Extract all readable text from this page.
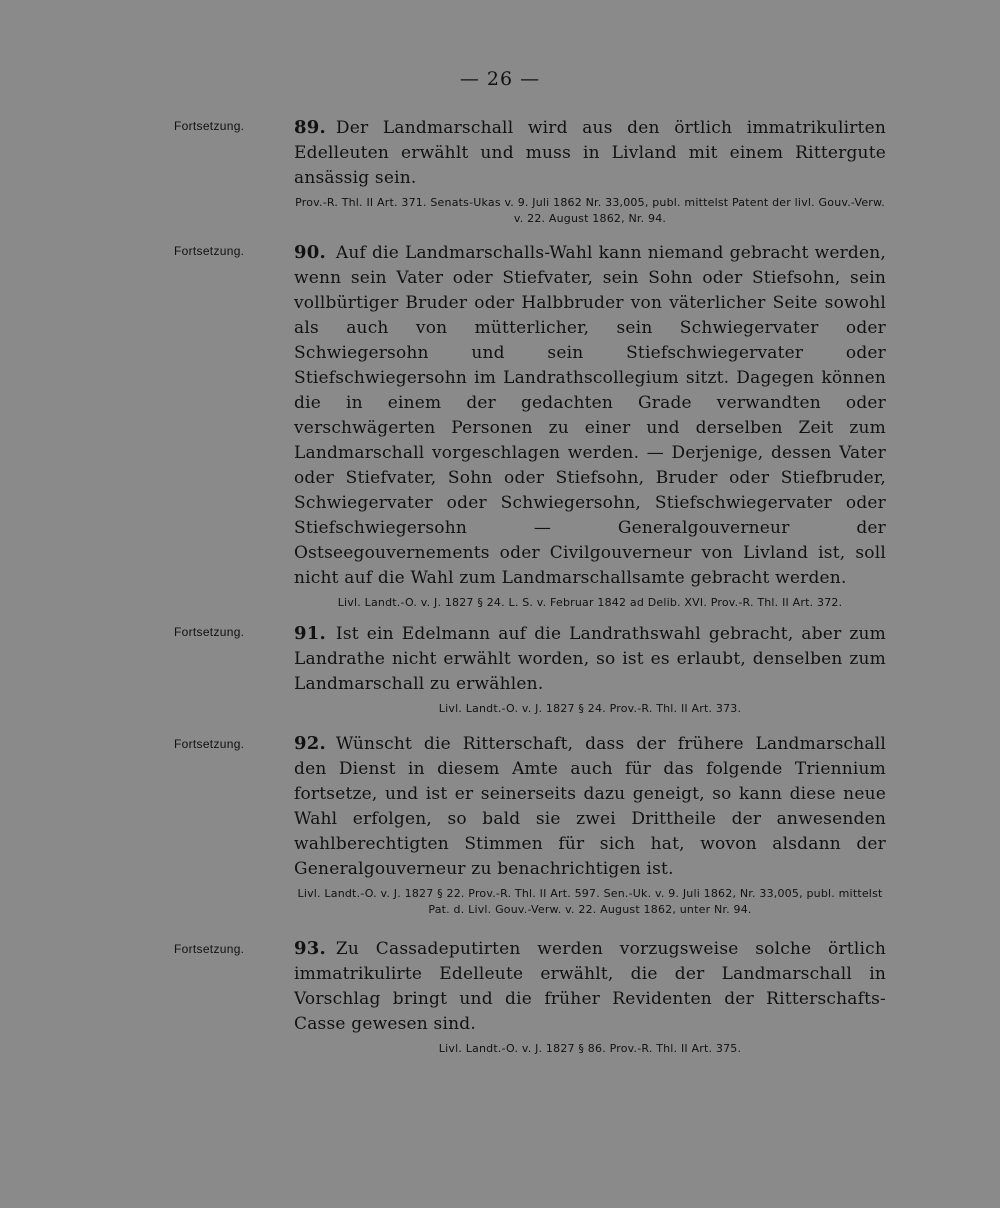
— 26 —
Fortsetzung.	89. Der Landmarschall wird aus den örtlich immatrikulirten Edelleuten erwählt und muss in Livland mit einem Rittergute ansässig sein.
Prov.-R. Thl. II Art. 371. Senats-Ukas v. 9. Juli 1862 Nr. 33,005, publ. mittelst Patent der livl. Gouv.-Verw. v. 22. August 1862, Nr. 94.
Fortsetzung.	90. Auf die Landmarschalls-Wahl kann niemand gebracht werden, wenn sein Vater oder Stiefvater, sein Sohn oder Stiefsohn, sein vollbürtiger Bruder oder Halbbruder von väterlicher Seite sowohl als auch von mütterlicher, sein Schwiegervater oder Schwiegersohn und sein Stiefschwiegervater oder Stiefschwiegersohn im Landrathscollegium sitzt. Dagegen können die in einem der gedachten Grade verwandten oder verschwägerten Personen zu einer und derselben Zeit zum Landmarschall vorgeschlagen werden. — Derjenige, dessen Vater oder Stiefvater, Sohn oder Stiefsohn, Bruder oder Stiefbruder, Schwiegervater oder Schwiegersohn, Stiefschwiegervater oder Stiefschwiegersohn — Generalgouverneur der Ostseegouvernements oder Civilgouverneur von Livland ist, soll nicht auf die Wahl zum Landmarschallsamte gebracht werden.
Livl. Landt.-O. v. J. 1827 § 24. L. S. v. Februar 1842 ad Delib. XVI. Prov.-R. Thl. II Art. 372.
Fortsetzung.	91. Ist ein Edelmann auf die Landrathswahl gebracht, aber zum Landrathe nicht erwählt worden, so ist es erlaubt, denselben zum Landmarschall zu erwählen.
Livl. Landt.-O. v. J. 1827 § 24. Prov.-R. Thl. II Art. 373.
Fortsetzung.	92. Wünscht die Ritterschaft, dass der frühere Landmarschall den Dienst in diesem Amte auch für das folgende Triennium fortsetze, und ist er seinerseits dazu geneigt, so kann diese neue Wahl erfolgen, so bald sie zwei Drittheile der anwesenden wahlberechtigten Stimmen für sich hat, wovon alsdann der Generalgouverneur zu benachrichtigen ist.
Livl. Landt.-O. v. J. 1827 § 22. Prov.-R. Thl. II Art. 597. Sen.-Uk. v. 9. Juli 1862, Nr. 33,005, publ. mittelst Pat. d. Livl. Gouv.-Verw. v. 22. August 1862, unter Nr. 94.
Fortsetzung.	93. Zu Cassadeputirten werden vorzugsweise solche örtlich immatrikulirte Edelleute erwählt, die der Landmarschall in Vorschlag bringt und die früher Revidenten der Ritterschafts-Casse gewesen sind.
Livl. Landt.-O. v. J. 1827 § 86. Prov.-R. Thl. II Art. 375.
